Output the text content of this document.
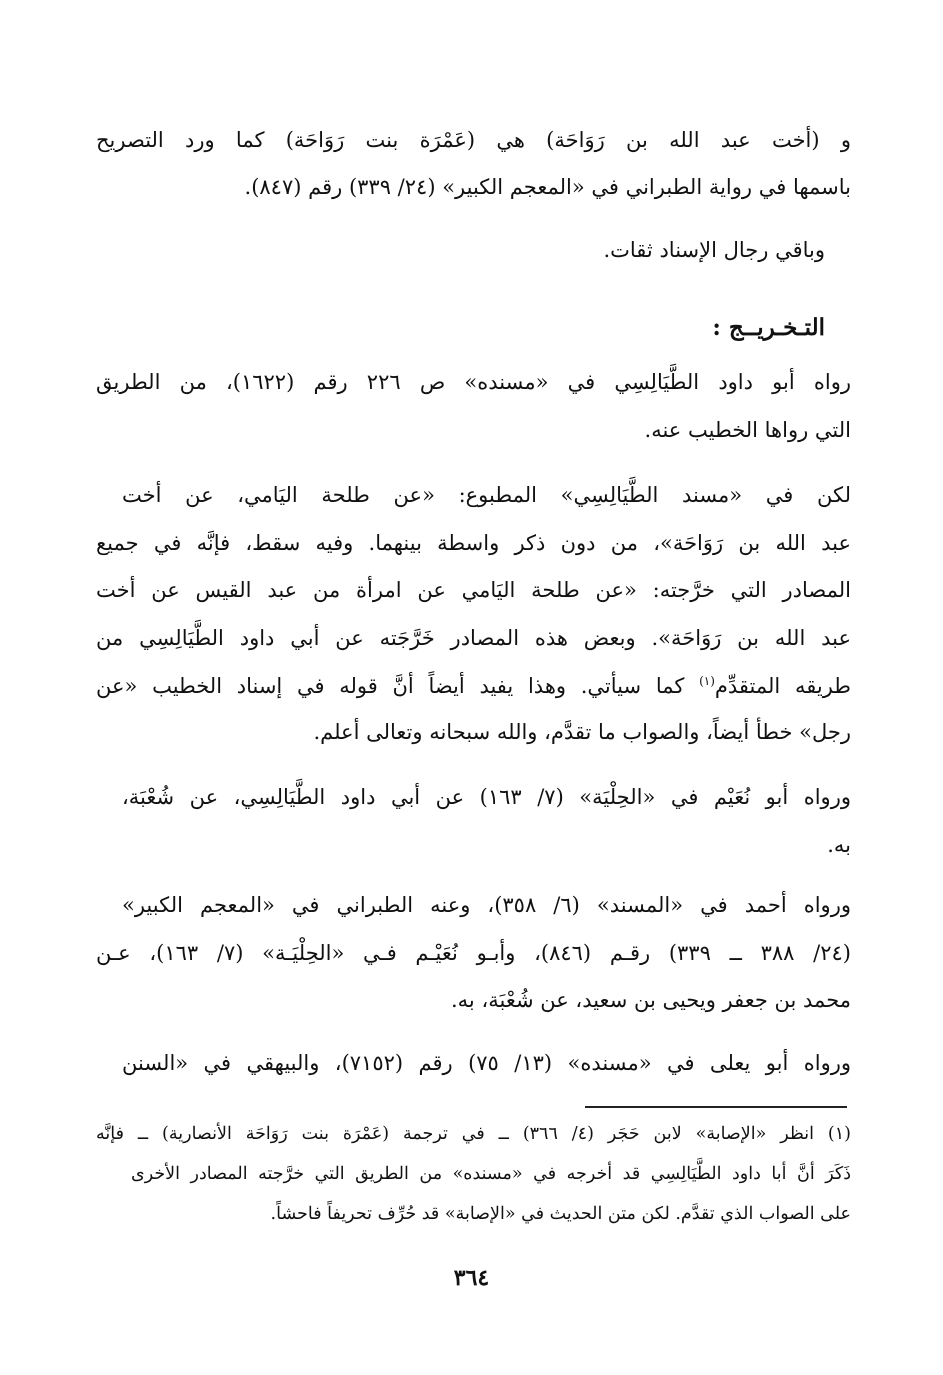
و (أخت عبد الله بن رَوَاحَة) هي (عَمْرَة بنت رَوَاحَة) كما ورد التصريح
باسمها في رواية الطبراني في «المعجم الكبير» (٢٤/ ٣٣٩) رقم (٨٤٧).
وباقي رجال الإسناد ثقات.
التـخـريــج :
رواه أبو داود الطَّيَالِسِي في «مسنده» ص ٢٢٦ رقم (١٦٢٢)، من الطريق
التي رواها الخطيب عنه.
لكن في «مسند الطَّيَالِسِي» المطبوع: «عن طلحة اليَامي، عن أخت
عبد الله بن رَوَاحَة»، من دون ذكر واسطة بينهما. وفيه سقط، فإنَّه في جميع
المصادر التي خرَّجته: «عن طلحة اليَامي عن امرأة من عبد القيس عن أخت
عبد الله بن رَوَاحَة». وبعض هذه المصادر خَرَّجَته عن أبي داود الطَّيَالِسِي من
طريقه المتقدِّم$^{(١)}$ كما سيأتي. وهذا يفيد أيضاً أنَّ قوله في إسناد الخطيب «عن
رجل» خطأ أيضاً، والصواب ما تقدَّم، والله سبحانه وتعالى أعلم.
ورواه أبو نُعَيْم في «الحِلْيَة» (٧/ ١٦٣) عن أبي داود الطَّيَالِسِي، عن شُعْبَة،
به.
ورواه أحمد في «المسند» (٦/ ٣٥٨)، وعنه الطبراني في «المعجم الكبير»
(٢٤/ ٣٨٨ ــ ٣٣٩) رقـم (٨٤٦)، وأبـو نُعَيْـم فـي «الحِلْيَـة» (٧/ ١٦٣)، عـن
محمد بن جعفر ويحيى بن سعيد، عن شُعْبَة، به.
ورواه أبو يعلى في «مسنده» (١٣/ ٧٥) رقم (٧١٥٢)، والبيهقي في «السنن
(١) انظر «الإصابة» لابن حَجَر (٤/ ٣٦٦) ــ في ترجمة (عَمْرَة بنت رَوَاحَة الأنصارية) ــ فإنَّه
ذَكَرَ أنَّ أبا داود الطَّيَالِسِي قد أخرجه في «مسنده» من الطريق التي خرَّجته المصادر الأخرى
على الصواب الذي تقدَّم. لكن متن الحديث في «الإصابة» قد حُرِّف تحريفاً فاحشاً.
٣٦٤
